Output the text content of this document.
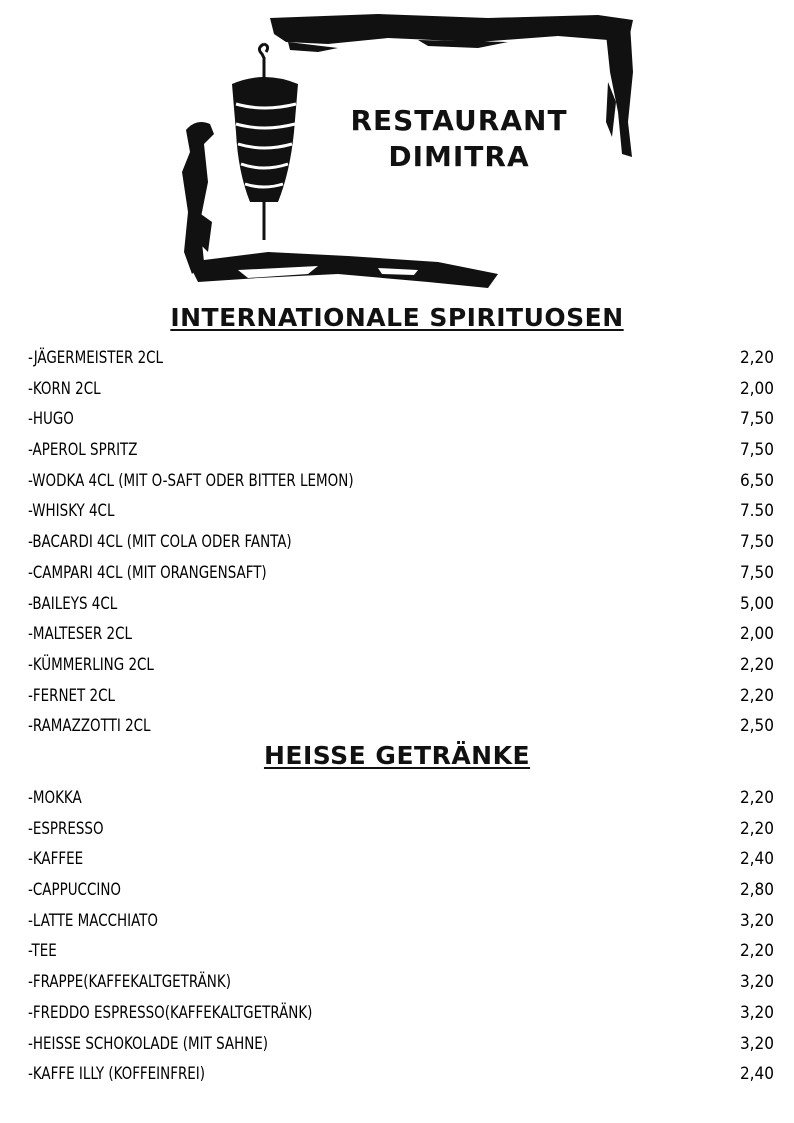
RESTAURANT
DIMITRA
INTERNATIONALE SPIRITUOSEN
-JÄGERMEISTER 2CL	2,20
-KORN 2CL	2,00
-HUGO	7,50
-APEROL SPRITZ	7,50
-WODKA 4CL (MIT O-SAFT ODER BITTER LEMON)	6,50
-WHISKY 4CL	7.50
-BACARDI 4CL (MIT COLA ODER FANTA)	7,50
-CAMPARI 4CL (MIT ORANGENSAFT)	7,50
-BAILEYS 4CL	5,00
-MALTESER 2CL	2,00
-KÜMMERLING 2CL	2,20
-FERNET 2CL	2,20
-RAMAZZOTTI 2CL	2,50
HEISSE GETRÄNKE
-MOKKA	2,20
-ESPRESSO	2,20
-KAFFEE	2,40
-CAPPUCCINO	2,80
-LATTE MACCHIATO	3,20
-TEE	2,20
-FRAPPE(KAFFEKALTGETRÄNK)	3,20
-FREDDO ESPRESSO(KAFFEKALTGETRÄNK)	3,20
-HEISSE SCHOKOLADE (MIT SAHNE)	3,20
-KAFFE ILLY (KOFFEINFREI)	2,40
